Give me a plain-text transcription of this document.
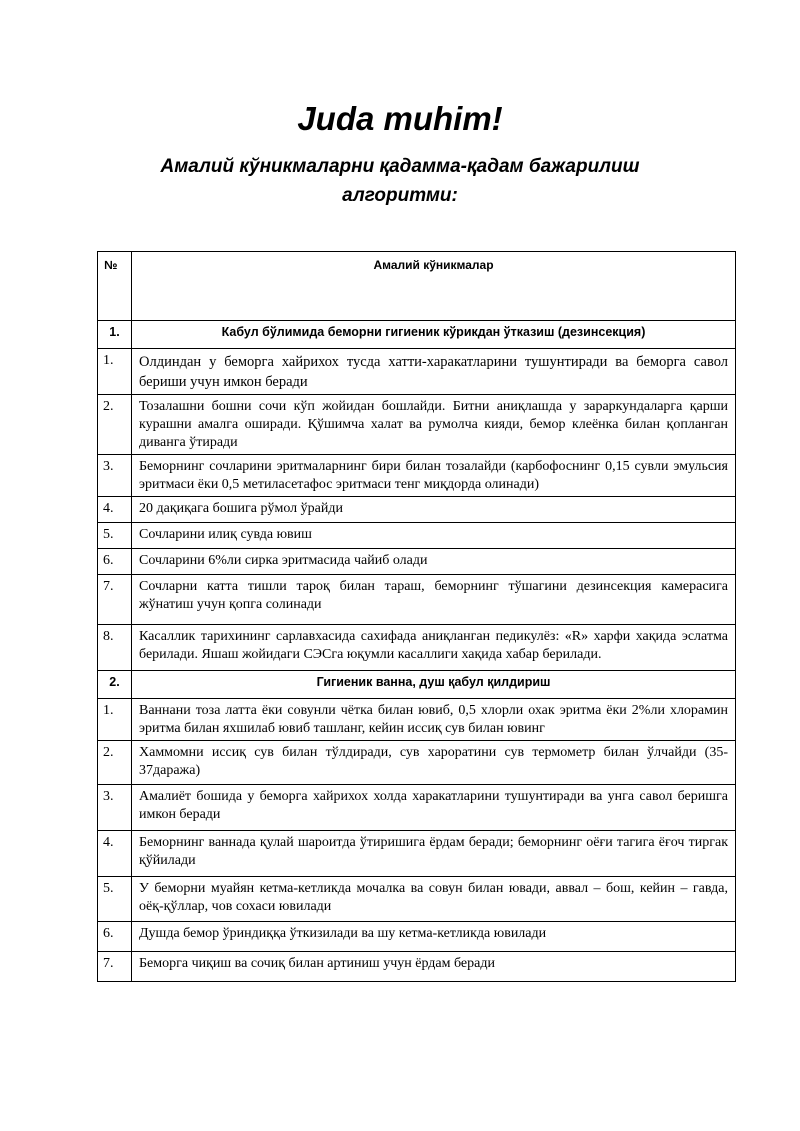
Juda muhim!
Амалий кўникмаларни қадамма-қадам бажарилиш алгоритми:
№	Амалий кўникмалар
1.	Кабул бўлимида беморни гигиеник кўрикдан ўтказиш (дезинсекция)
1.	Олдиндан у беморга хайрихох тусда хатти-харакатларини тушунтиради ва беморга савол бериши учун имкон беради
2.	Тозалашни бошни сочи кўп жойидан бошлайди. Битни аниқлашда у зараркундаларга қарши курашни амалга оширади. Қўшимча халат ва румолча кияди, бемор клеёнка билан қопланган диванга ўтиради
3.	Беморнинг сочларини эритмаларнинг бири билан тозалайди (карбофоснинг 0,15 сувли эмульсия эритмаси ёки 0,5 метиласетафос эритмаси тенг миқдорда олинади)
4.	20 дақиқага бошига рўмол ўрайди
5.	Сочларини илиқ сувда ювиш
6.	Сочларини 6%ли сирка эритмасида чайиб олади
7.	Сочларни катта тишли тароқ билан тараш, беморнинг тўшагини дезинсекция камерасига жўнатиш учун қопга солинади
8.	Касаллик тарихининг сарлавхасида сахифада аниқланган педикулёз: «R» харфи хақида эслатма берилади. Яшаш жойидаги СЭСга юқумли касаллиги хақида хабар берилади.
2.	Гигиеник ванна, душ қабул қилдириш
1.	Ваннани тоза латта ёки совунли чётка билан ювиб, 0,5 хлорли охак эритма ёки 2%ли хлорамин эритма билан яхшилаб ювиб ташланг, кейин иссиқ сув билан ювинг
2.	Хаммомни иссиқ сув билан тўлдиради, сув хароратини сув термометр билан ўлчайди (35-37даража)
3.	Амалиёт бошида у беморга хайрихох холда харакатларини тушунтиради ва унга савол беришга имкон беради
4.	Беморнинг ваннада қулай шароитда ўтиришига ёрдам беради; беморнинг оёғи тагига ёғоч тиргак қўйилади
5.	У беморни муайян кетма-кетликда мочалка ва совун билан ювади, аввал – бош, кейин – гавда, оёқ-қўллар, чов сохаси ювилади
6.	Душда бемор ўриндиққа ўткизилади ва шу кетма-кетликда ювилади
7.	Беморга чиқиш ва сочиқ билан артиниш учун ёрдам беради
